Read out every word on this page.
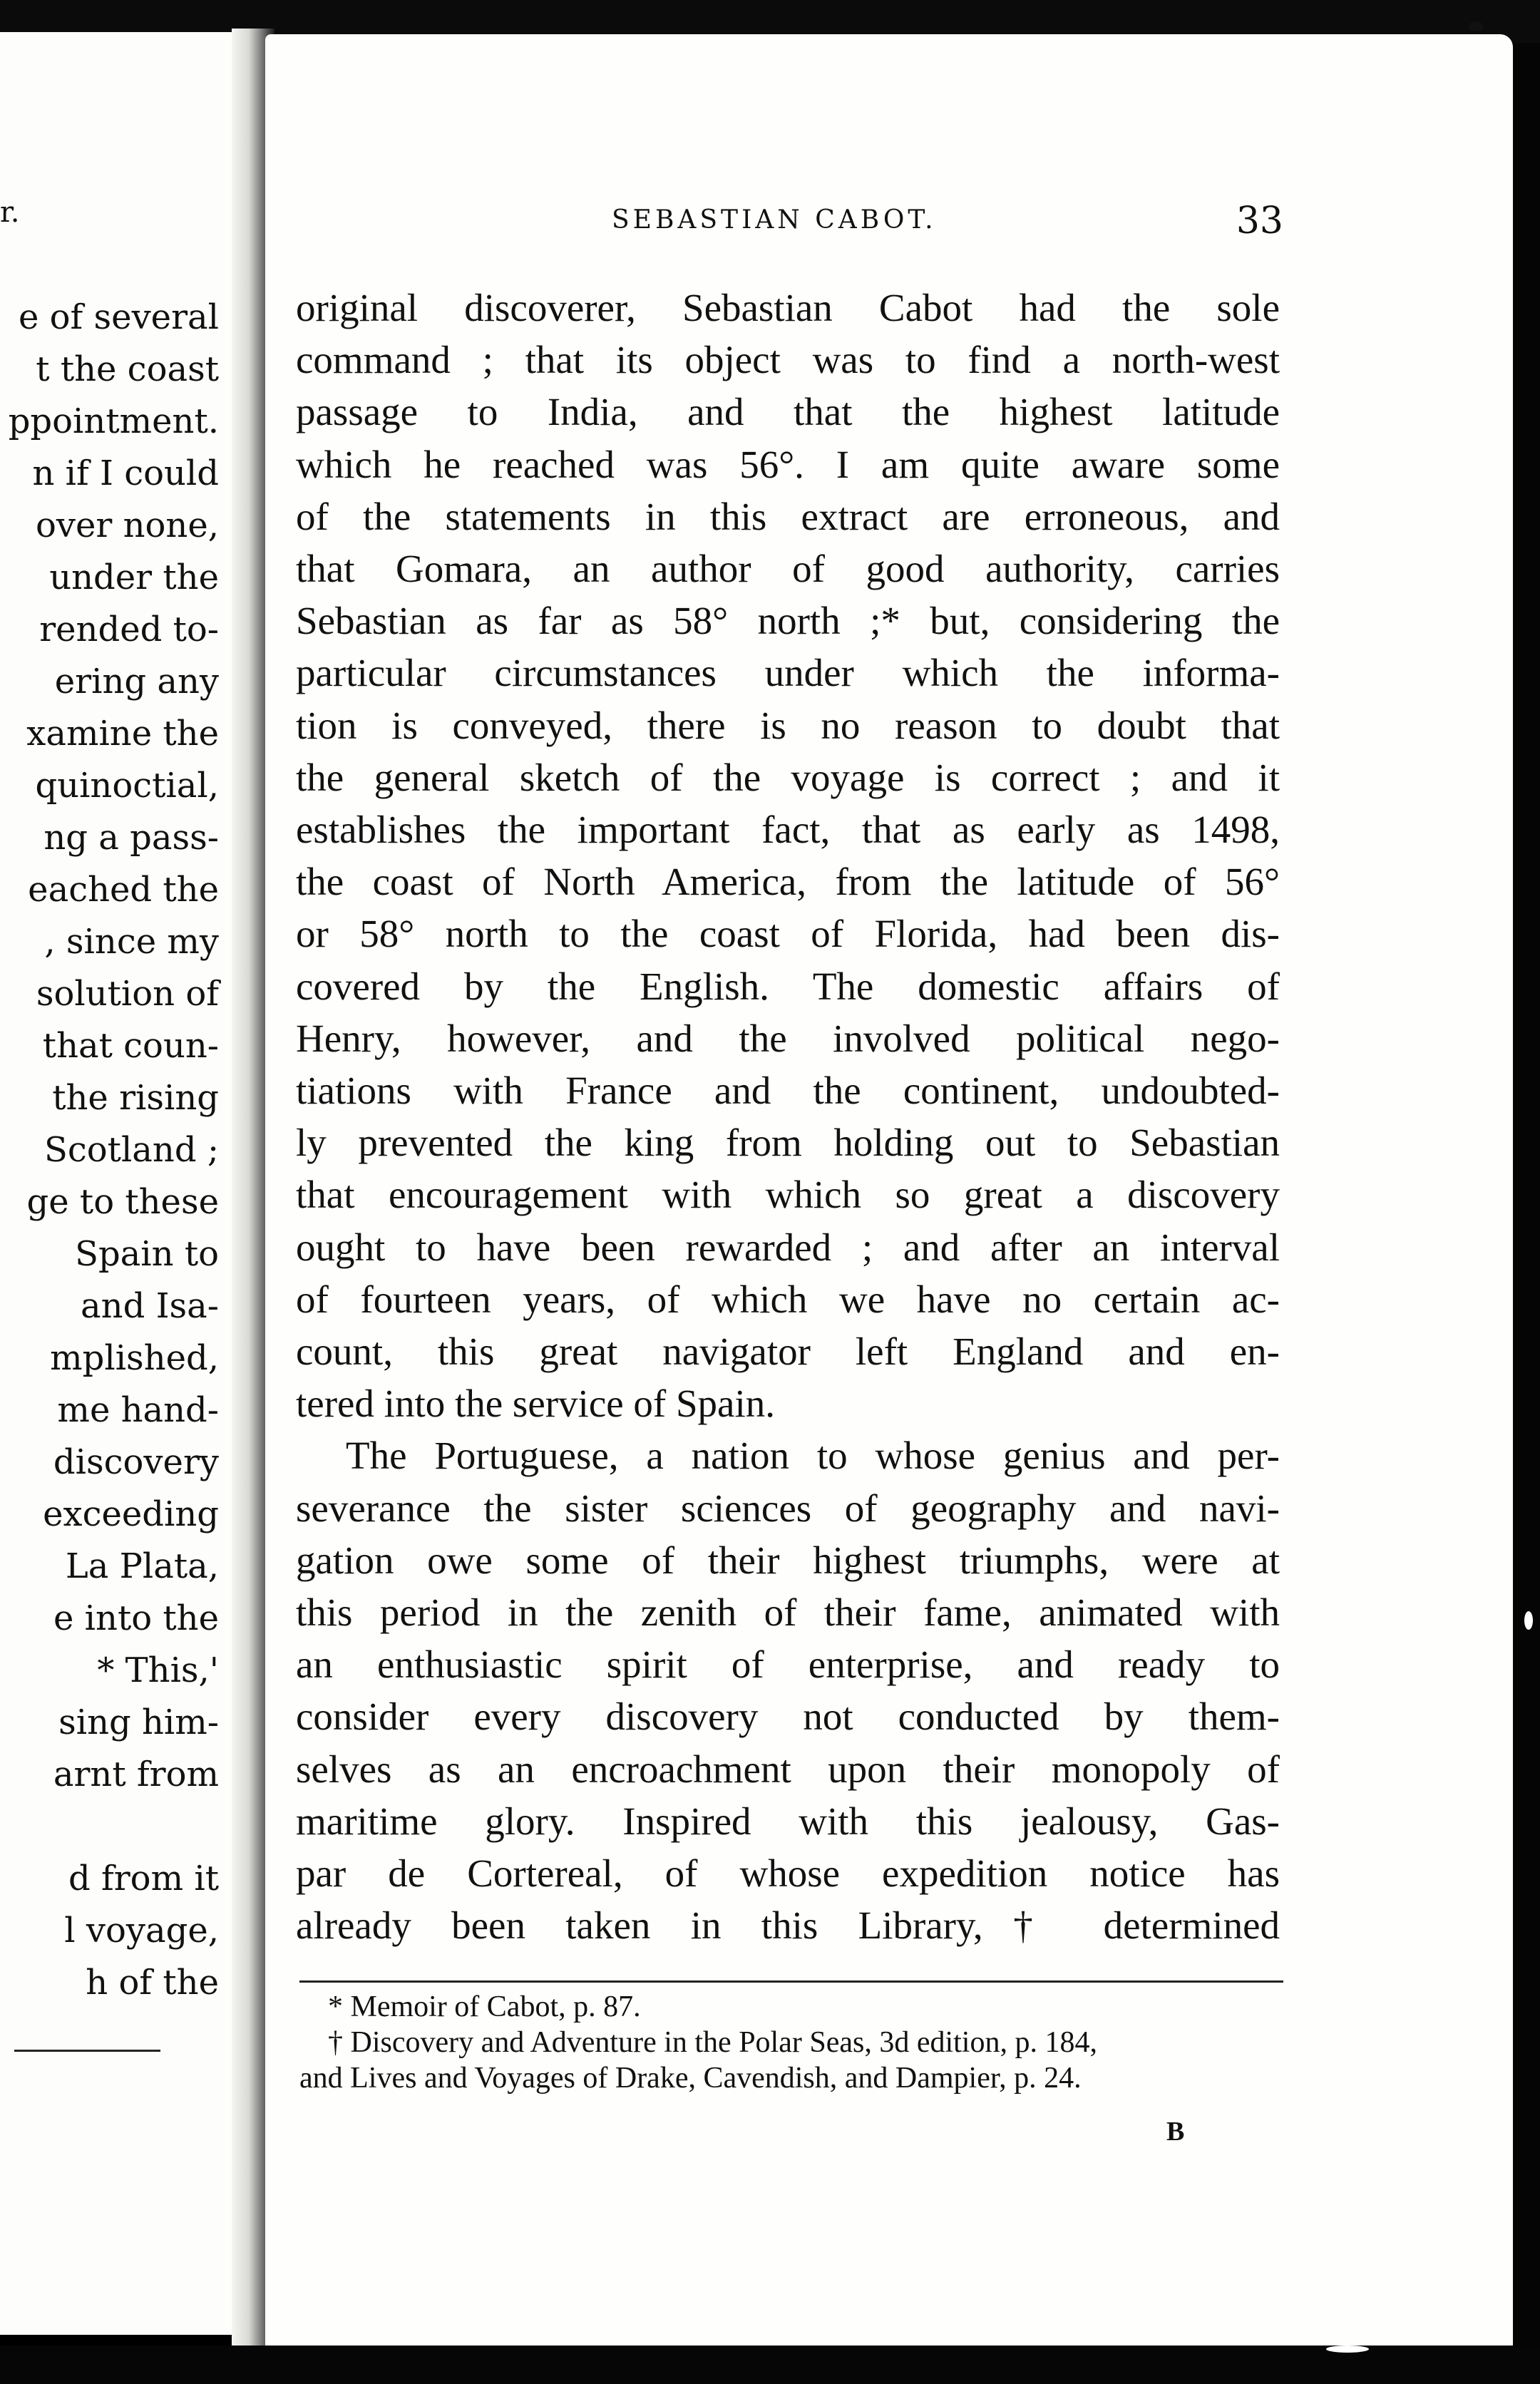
r.
e of several
t the coast
ppointment.
n if I could
over none,
under the
rended to-
ering any
xamine the
quinoctial,
ng a pass-
eached the
, since my
solution of
that coun-
the rising
Scotland ;
ge to these
Spain to
and Isa-
mplished,
me hand-
discovery
exceeding
La Plata,
e into the
* This,'
sing him-
arnt from
d from it
l voyage,
h of the
SEBASTIAN CABOT.	33

original discoverer, Sebastian Cabot had the sole

command ; that its object was to find a north-west

passage to India, and that the highest latitude

which he reached was 56°. I am quite aware some

of the statements in this extract are erroneous, and

that Gomara, an author of good authority, carries

Sebastian as far as 58° north ;* but, considering the

particular circumstances under which the informa-

tion is conveyed, there is no reason to doubt that

the general sketch of the voyage is correct ; and it

establishes the important fact, that as early as 1498,

the coast of North America, from the latitude of 56°

or 58° north to the coast of Florida, had been dis-

covered by the English. The domestic affairs of

Henry, however, and the involved political nego-

tiations with France and the continent, undoubted-

ly prevented the king from holding out to Sebastian

that encouragement with which so great a discovery

ought to have been rewarded ; and after an interval

of fourteen years, of which we have no certain ac-

count, this great navigator left England and en-

tered into the service of Spain.

The Portuguese, a nation to whose genius and per-

severance the sister sciences of geography and navi-

gation owe some of their highest triumphs, were at

this period in the zenith of their fame, animated with

an enthusiastic spirit of enterprise, and ready to

consider every discovery not conducted by them-

selves as an encroachment upon their monopoly of

maritime glory. Inspired with this jealousy, Gas-

par de Cortereal, of whose expedition notice has

already been taken in this Library,† determined

* Memoir of Cabot, p. 87.

† Discovery and Adventure in the Polar Seas, 3d edition, p. 184,

and Lives and Voyages of Drake, Cavendish, and Dampier, p. 24.

B
